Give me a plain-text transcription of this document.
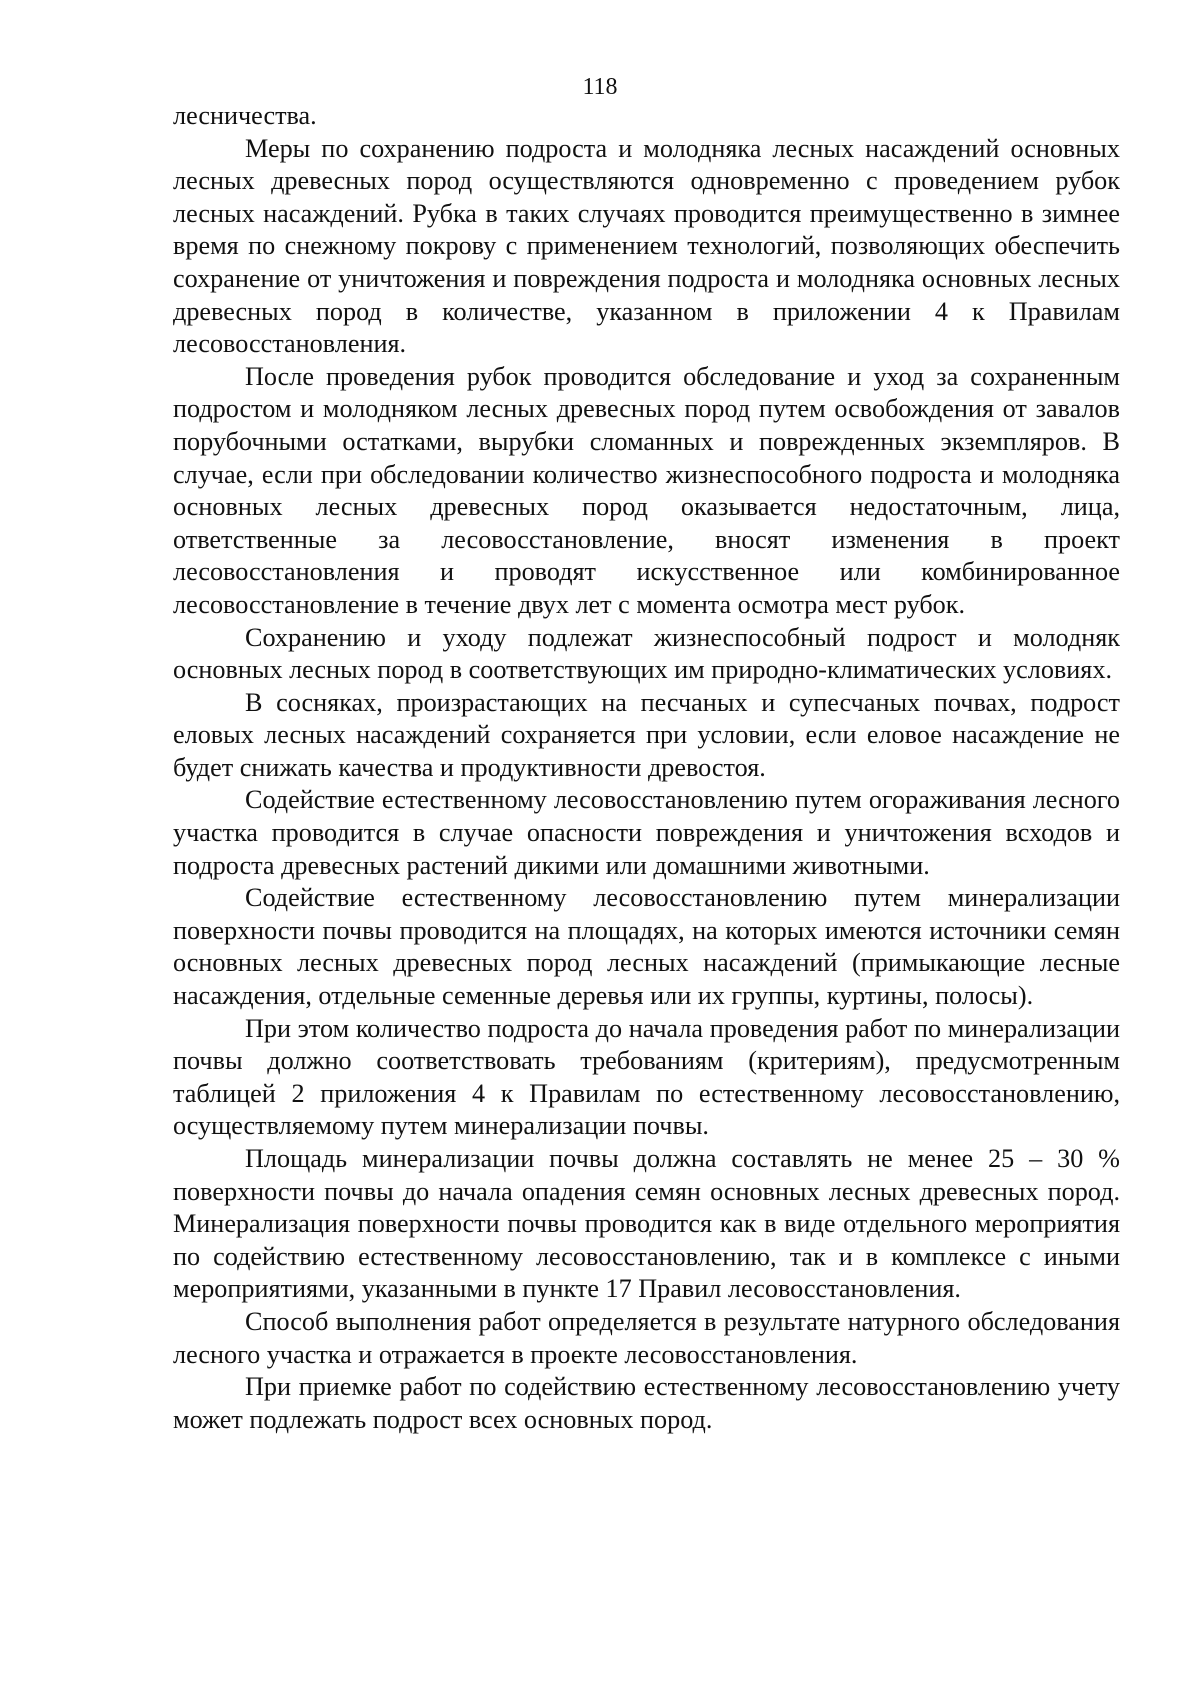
118

лесничества.

Меры по сохранению подроста и молодняка лесных насаждений основных лесных древесных пород осуществляются одновременно с проведением рубок лесных насаждений. Рубка в таких случаях проводится преимущественно в зимнее время по снежному покрову с применением технологий, позволяющих обеспечить сохранение от уничтожения и повреждения подроста и молодняка основных лесных древесных пород в количестве, указанном в приложении 4 к Правилам лесовосстановления.

После проведения рубок проводится обследование и уход за сохраненным подростом и молодняком лесных древесных пород путем освобождения от завалов порубочными остатками, вырубки сломанных и поврежденных экземпляров. В случае, если при обследовании количество жизнеспособного подроста и молодняка основных лесных древесных пород оказывается недостаточным, лица, ответственные за лесовосстановление, вносят изменения в проект лесовосстановления и проводят искусственное или комбинированное лесовосстановление в течение двух лет с момента осмотра мест рубок.

Сохранению и уходу подлежат жизнеспособный подрост и молодняк основных лесных пород в соответствующих им природно-климатических условиях.

В сосняках, произрастающих на песчаных и супесчаных почвах, подрост еловых лесных насаждений сохраняется при условии, если еловое насаждение не будет снижать качества и продуктивности древостоя.

Содействие естественному лесовосстановлению путем огораживания лесного участка проводится в случае опасности повреждения и уничтожения всходов и подроста древесных растений дикими или домашними животными.

Содействие естественному лесовосстановлению путем минерализации поверхности почвы проводится на площадях, на которых имеются источники семян основных лесных древесных пород лесных насаждений (примыкающие лесные насаждения, отдельные семенные деревья или их группы, куртины, полосы).

При этом количество подроста до начала проведения работ по минерализации почвы должно соответствовать требованиям (критериям), предусмотренным таблицей 2 приложения 4 к Правилам по естественному лесовосстановлению, осуществляемому путем минерализации почвы.

Площадь минерализации почвы должна составлять не менее 25 – 30 % поверхности почвы до начала опадения семян основных лесных древесных пород. Минерализация поверхности почвы проводится как в виде отдельного мероприятия по содействию естественному лесовосстановлению, так и в комплексе с иными мероприятиями, указанными в пункте 17 Правил лесовосстановления.

Способ выполнения работ определяется в результате натурного обследования лесного участка и отражается в проекте лесовосстановления.

При приемке работ по содействию естественному лесовосстановлению учету может подлежать подрост всех основных пород.
